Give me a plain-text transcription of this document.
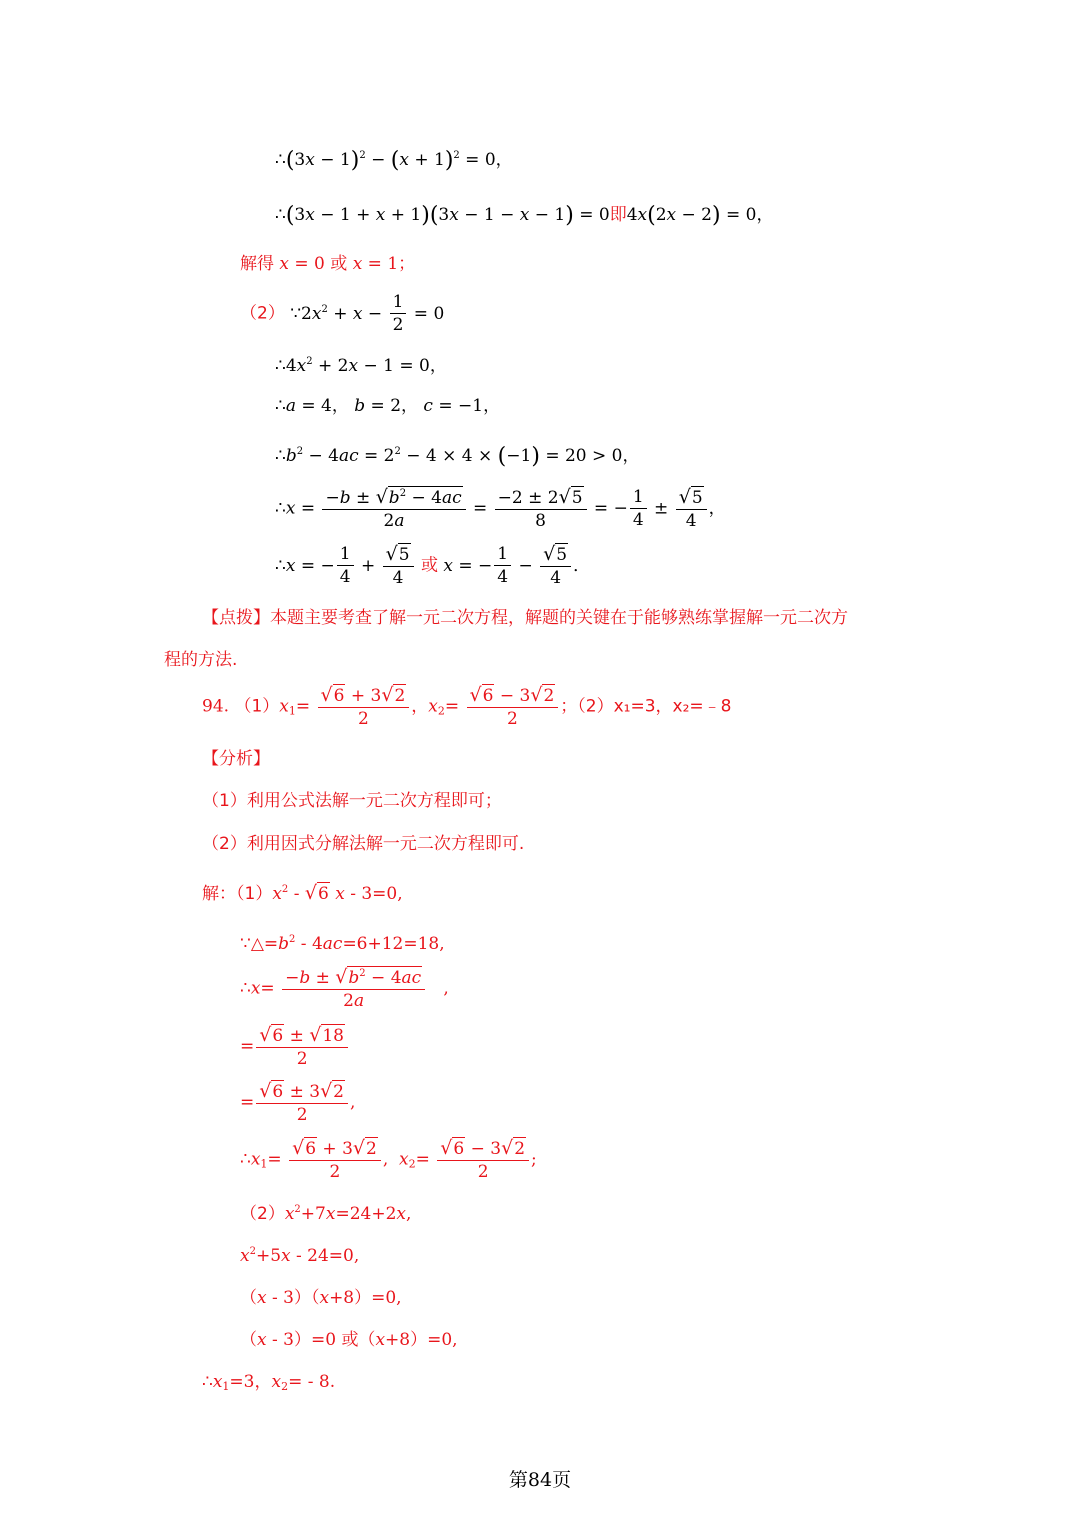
∴(3x − $1)^2 - (x + 1)^2 = 0$，
∴(3x − 1 + x + 1)(3x − 1 − x − 1) = 0即4x(2x − 2) = 0，
解得 x = 0 或 x = 1；
（2） $\because 2x^2 + x - \frac{1}{2} = 0$
$\therefore 4x^2 + 2x - 1 = 0$，
∴a = 4， b = 2， c = −1，
$\therefore b^2 - 4ac = 2^2 - 4 \times 4 \times (-1) = 20 > 0$，
∴x = $\frac{-b \pm √b^2 - 4ac}{2a} = \frac{-2 \pm 2√5}{8}$ = − $\frac{1}{4} \pm \frac{√5}{4}$ ，
∴x = − $\frac{1}{4} + \frac{√5}{4}$ 或 x = − $\frac{1}{4} - \frac{√5}{4}$ ．
【点拨】本题主要考查了解一元二次方程，解题的关键在于能够熟练掌握解一元二次方
程的方法.
94. $(1)x_1= \frac{√6 + 3√2}{2}$ ，$x_2= \frac{√6 - 3√2}{2}$ ；（2）x₁=3，x₂=﹣8
【分析】
（1）利用公式法解一元二次方程即可；
（2）利用因式分解法解一元二次方程即可.
解：$(1)x^2 - √6$ x - 3=0,
$\because\triangle=b^2 - 4ac=6+12=18$,
∴x= $\frac{-b \pm √b^2 - 4ac}{2a}$ ,
= $\frac{√6 \pm √18}{2}$
= $\frac{√6 \pm 3√2}{2}$ ,
$\therefore x_1= \frac{√6 + 3√2}{2}$ ,  $x_2= \frac{√6 - 3√2}{2}$ ;
$(2)x^2+7x=24+2x$,
$x^2+5x - 24=0$,
（x - 3）（x+8）=0,
（x - 3）=0 或（x+8）=0,
$\therefore x_1=3$，$x_2= - 8$.
第84页
